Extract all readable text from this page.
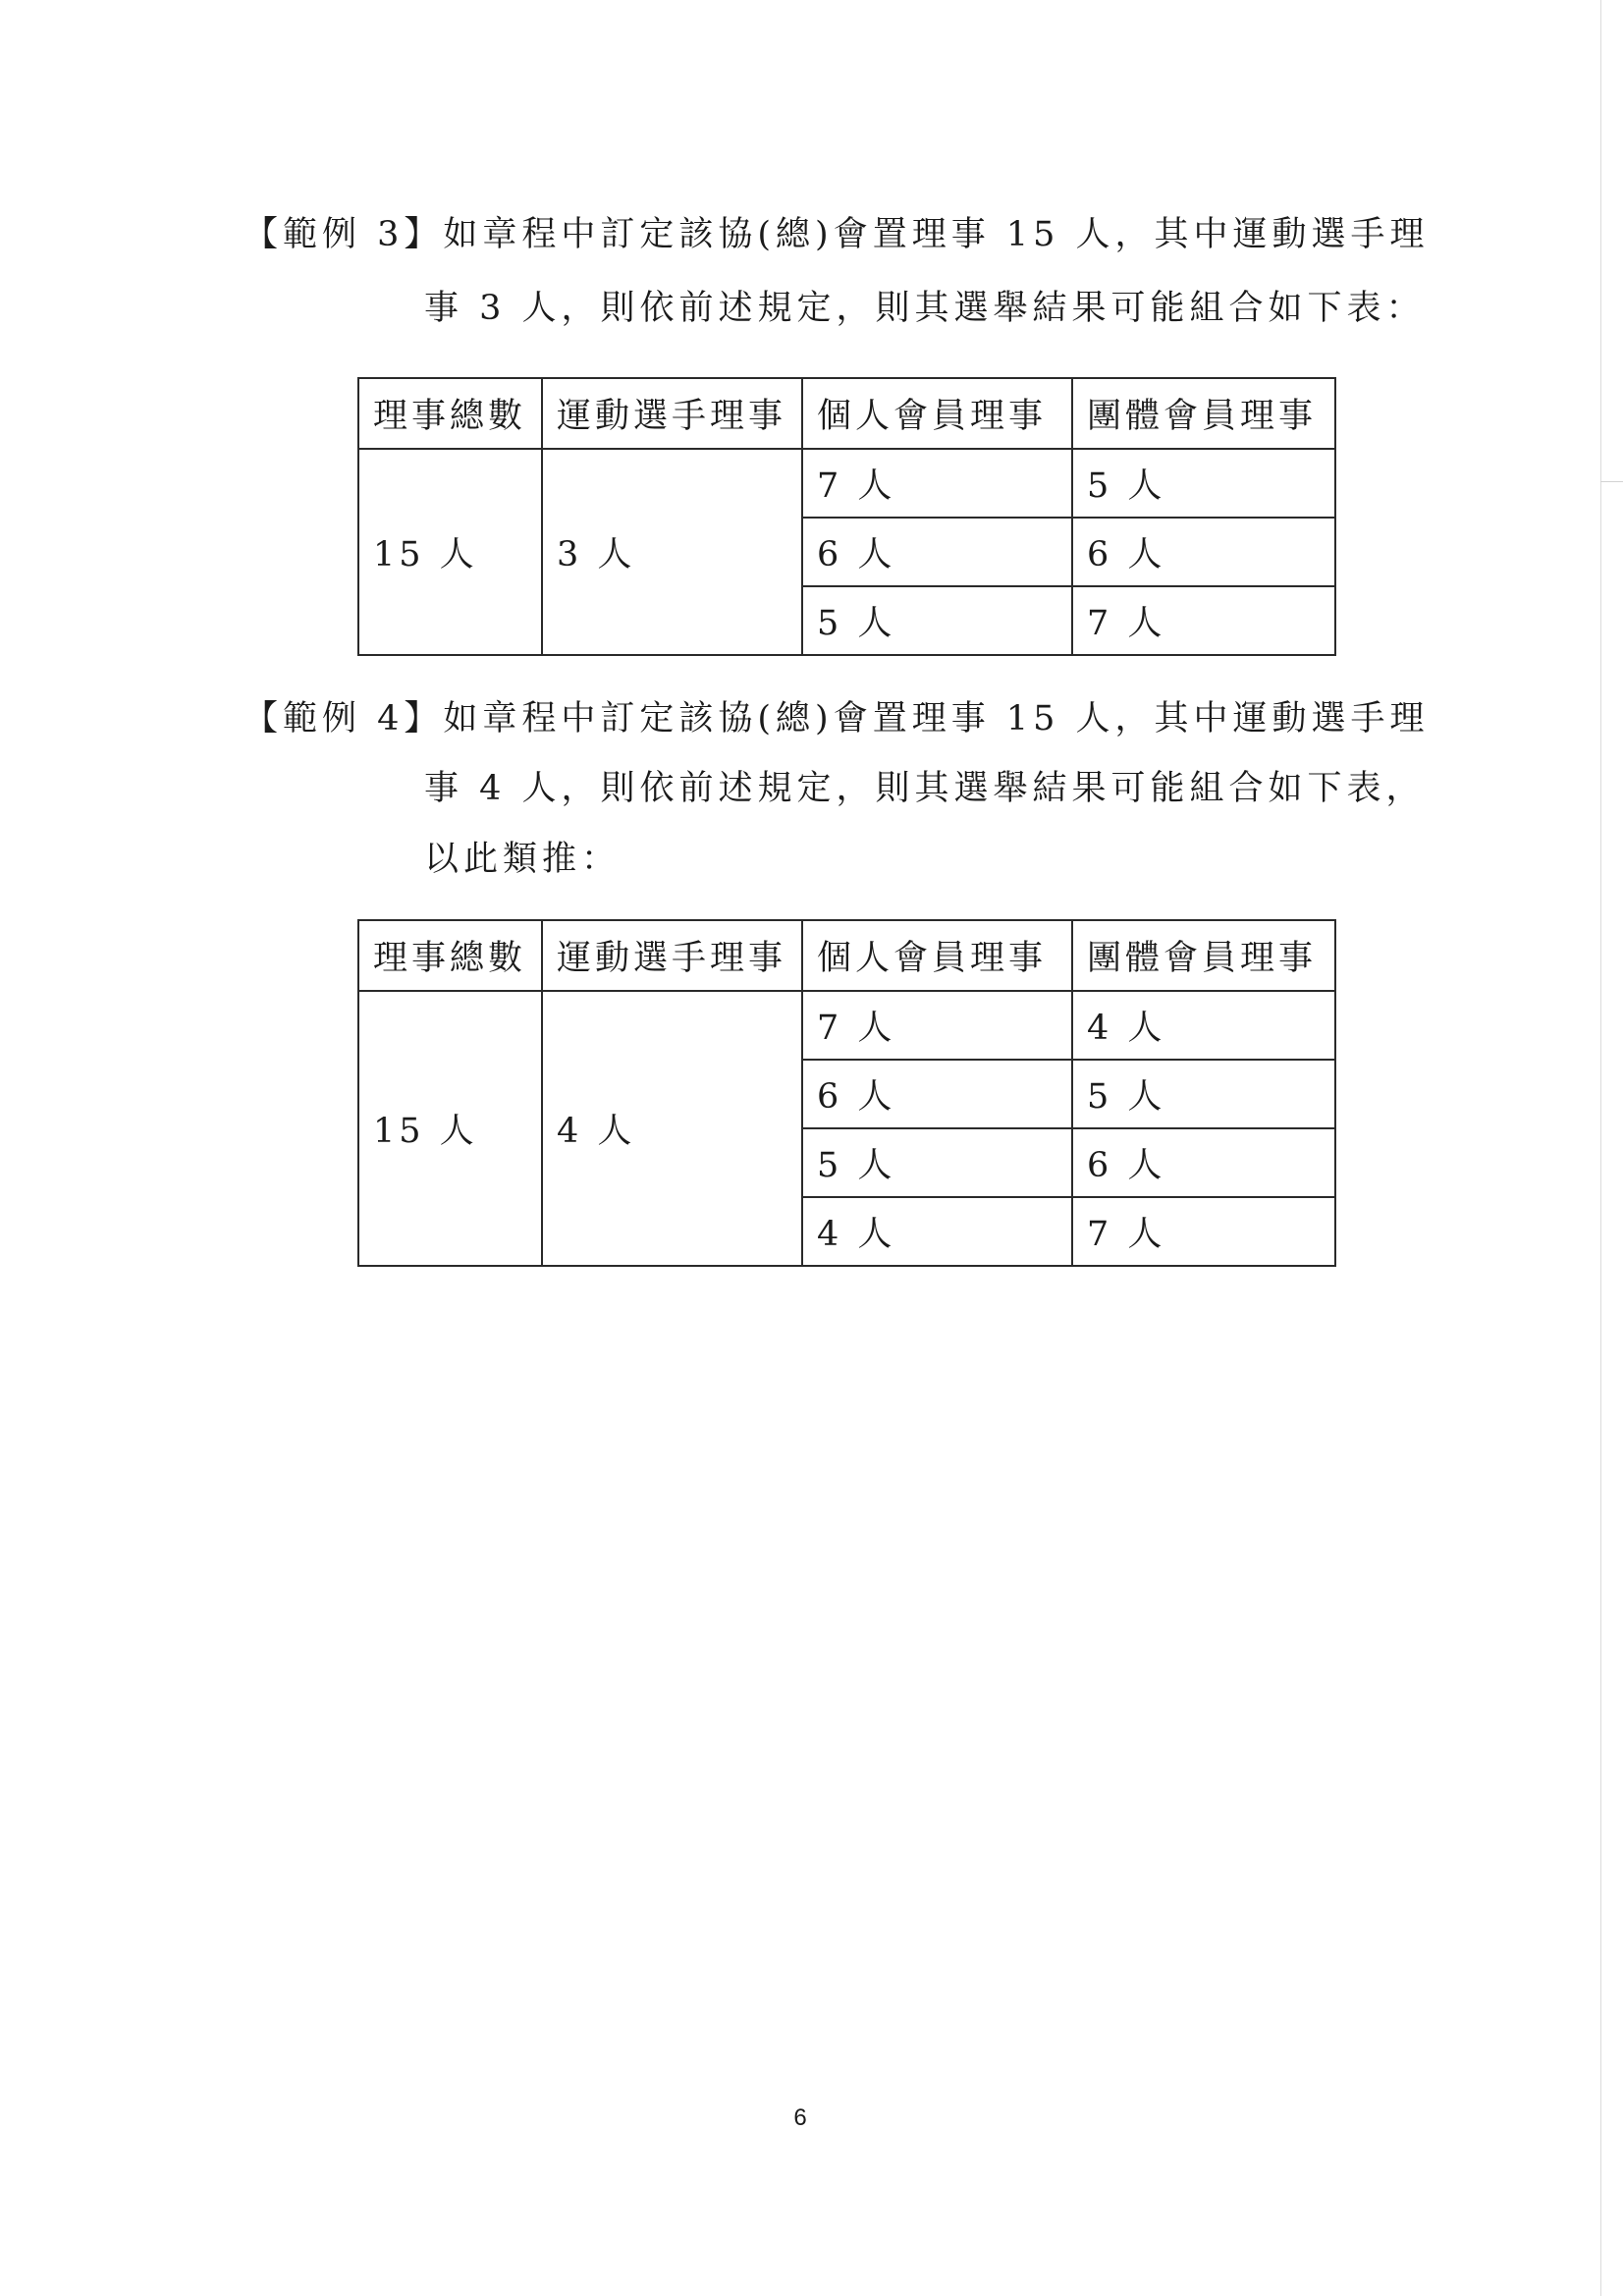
【範例 3】如章程中訂定該協(總)會置理事 15 人，其中運動選手理
事 3 人，則依前述規定，則其選舉結果可能組合如下表：
理事總數	運動選手理事	個人會員理事	團體會員理事
15 人	3 人	7 人	5 人
		6 人	6 人
		5 人	7 人
【範例 4】如章程中訂定該協(總)會置理事 15 人，其中運動選手理
事 4 人，則依前述規定，則其選舉結果可能組合如下表，
以此類推：
理事總數	運動選手理事	個人會員理事	團體會員理事
15 人	4 人	7 人	4 人
		6 人	5 人
		5 人	6 人
		4 人	7 人
6
